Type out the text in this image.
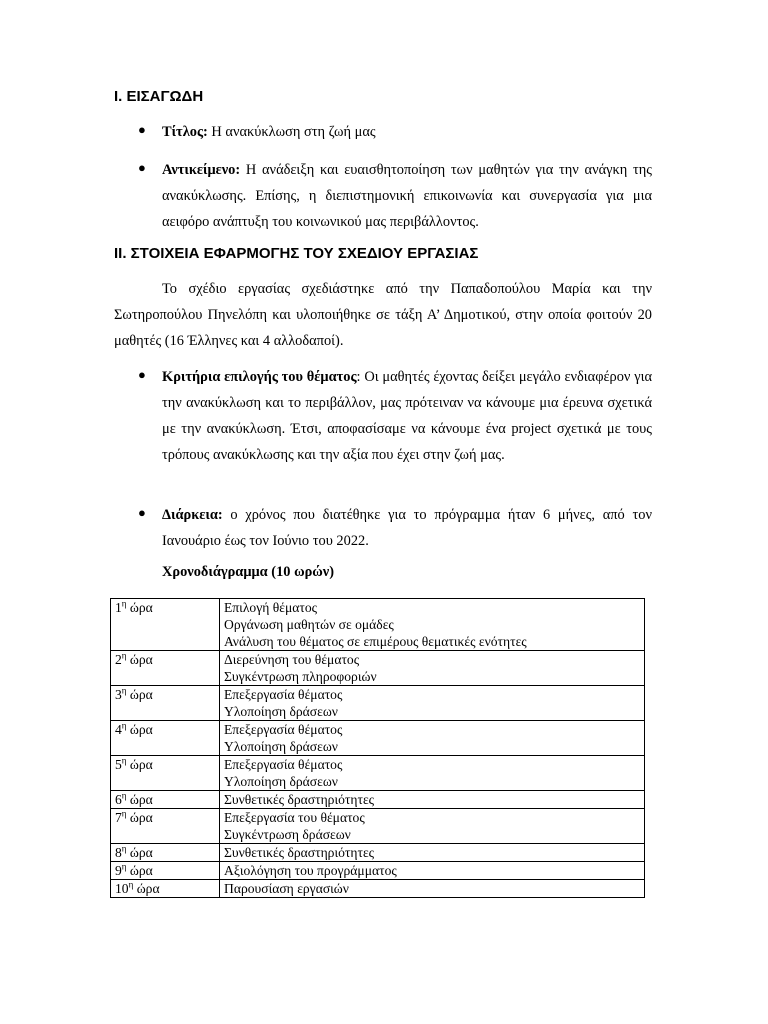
I. ΕΙΣΑΓΩΔΗ
● Τίτλος: Η ανακύκλωση στη ζωή μας
● Αντικείμενο: Η ανάδειξη και ευαισθητοποίηση των μαθητών για την ανάγκη της ανακύκλωσης. Επίσης, η διεπιστημονική επικοινωνία και συνεργασία για μια αειφόρο ανάπτυξη του κοινωνικού μας περιβάλλοντος.
II. ΣΤΟΙΧΕΙΑ ΕΦΑΡΜΟΓΗΣ ΤΟΥ ΣΧΕΔΙΟΥ ΕΡΓΑΣΙΑΣ
Το σχέδιο εργασίας σχεδιάστηκε από την Παπαδοπούλου Μαρία και την Σωτηροπούλου Πηνελόπη και υλοποιήθηκε σε τάξη Α’ Δημοτικού, στην οποία φοιτούν 20 μαθητές (16 Έλληνες και 4 αλλοδαποί).
● Κριτήρια επιλογής του θέματος: Οι μαθητές έχοντας δείξει μεγάλο ενδιαφέρον για την ανακύκλωση και το περιβάλλον, μας πρότειναν να κάνουμε μια έρευνα σχετικά με την ανακύκλωση. Έτσι, αποφασίσαμε να κάνουμε ένα project σχετικά με τους τρόπους ανακύκλωσης και την αξία που έχει στην ζωή μας.
● Διάρκεια: ο χρόνος που διατέθηκε για το πρόγραμμα ήταν 6 μήνες, από τον Ιανουάριο έως τον Ιούνιο του 2022.
Χρονοδιάγραμμα (10 ωρών)
$1^\eta$ ώρα	Επιλογή θέματος
Οργάνωση μαθητών σε ομάδες
Ανάλυση του θέματος σε επιμέρους θεματικές ενότητες

$2^\eta$ ώρα	Διερεύνηση του θέματος
Συγκέντρωση πληροφοριών

$3^\eta$ ώρα	Επεξεργασία θέματος
Υλοποίηση δράσεων

$4^\eta$ ώρα	Επεξεργασία θέματος
Υλοποίηση δράσεων

$5^\eta$ ώρα	Επεξεργασία θέματος
Υλοποίηση δράσεων

$6^\eta$ ώρα	Συνθετικές δραστηριότητες

$7^\eta$ ώρα	Επεξεργασία του θέματος
Συγκέντρωση δράσεων

$8^\eta$ ώρα	Συνθετικές δραστηριότητες

$9^\eta$ ώρα	Αξιολόγηση του προγράμματος

$10^\eta$ ώρα	Παρουσίαση εργασιών
